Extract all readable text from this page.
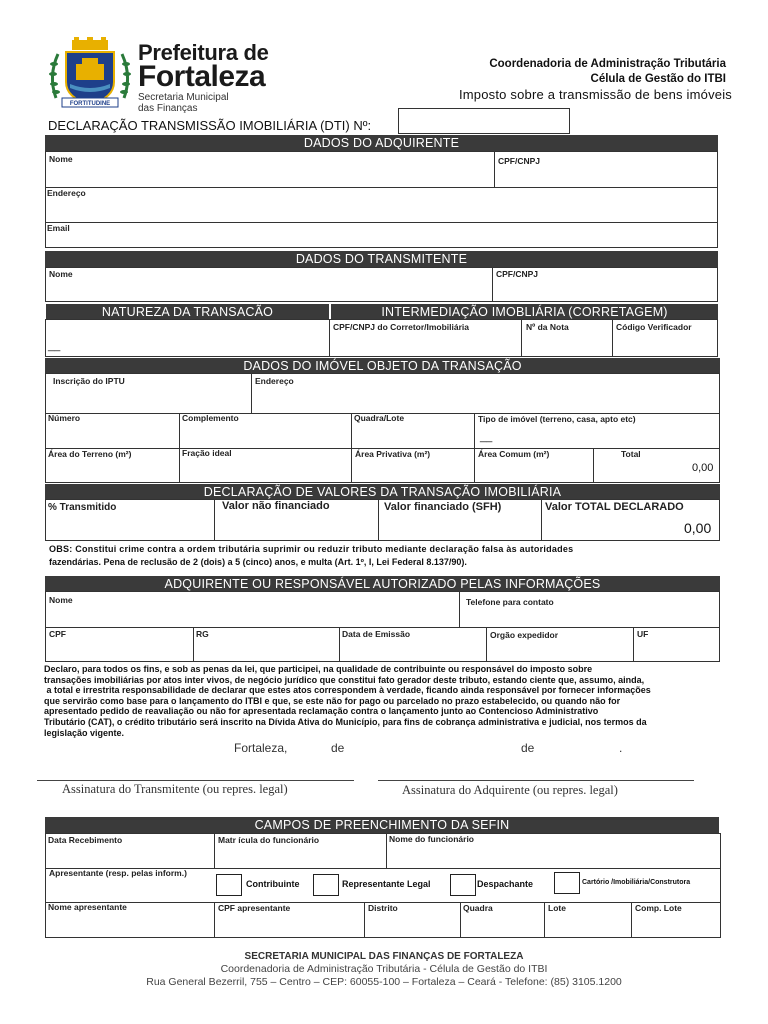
FORTITUDINE
Prefeitura de
Fortaleza
Secretaria Municipal
das Finanças
Coordenadoria de Administração Tributária
Célula de Gestão do ITBI
Imposto sobre a transmissão de bens imóveis
DECLARAÇÃO TRANSMISSÃO IMOBILIÁRIA (DTI) Nº:
DADOS DO ADQUIRENTE
Nome	CPF/CNPJ
Endereço
Email
DADOS DO TRANSMITENTE
Nome	CPF/CNPJ
NATUREZA DA TRANSACÃO	INTERMEDIAÇÃO IMOBLIÁRIA (CORRETAGEM)
__
CPF/CNPJ do Corretor/Imobiliária	Nº da Nota	Código Verificador
DADOS DO IMÓVEL OBJETO DA TRANSAÇÃO
Inscrição do IPTU	Endereço
Número	Complemento	Quadra/Lote	Tipo de imóvel (terreno, casa, apto etc)
__
Área do Terreno (m²)	Fração ideal	Área Privativa (m²)	Área Comum (m²)	Total
0,00
DECLARAÇÃO DE VALORES DA TRANSAÇÃO IMOBILIÁRIA
% Transmitido	Valor não financiado	Valor financiado (SFH)	Valor TOTAL DECLARADO
0,00
OBS: Constitui crime contra a ordem tributária suprimir ou reduzir tributo mediante declaração falsa às autoridades
fazendárias. Pena de reclusão de 2 (dois) a 5 (cinco) anos, e multa (Art. 1º, I, Lei Federal 8.137/90).
ADQUIRENTE OU RESPONSÁVEL AUTORIZADO PELAS INFORMAÇÕES
Nome	Telefone para contato
CPF	RG	Data de Emissão	Orgão expedidor	UF
Declaro, para todos os fins, e sob as penas da lei, que participei, na qualidade de contribuinte ou responsável do imposto sobre
transações imobiliárias por atos inter vivos, de negócio jurídico que constitui fato gerador deste tributo, estando ciente que, assumo, ainda,
a total e irrestrita responsabilidade de declarar que estes atos correspondem à verdade, ficando ainda responsável por fornecer informações
que servirão como base para o lançamento do ITBI e que, se este não for pago ou parcelado no prazo estabelecido, ou quando não for
apresentado pedido de reavaliação ou não for apresentada reclamação contra o lançamento junto ao Contencioso Administrativo
Tributário (CAT), o crédito tributário será inscrito na Dívida Ativa do Município, para fins de cobrança administrativa e judicial, nos termos da
legislação vigente.
Fortaleza,	de	de	.
Assinatura do Transmitente (ou repres. legal)	Assinatura do Adquirente (ou repres. legal)
CAMPOS DE PREENCHIMENTO DA SEFIN
Data Recebimento	Matr ícula do funcionário	Nome do funcionário
Apresentante (resp. pelas inform.)
Contribuinte	Representante Legal	Despachante	Cartório /Imobiliária/Construtora
Nome apresentante	CPF apresentante	Distrito	Quadra	Lote	Comp. Lote
SECRETARIA MUNICIPAL DAS FINANÇAS DE FORTALEZA
Coordenadoria de Administração Tributária - Célula de Gestão do ITBI
Rua General Bezerril, 755 – Centro – CEP: 60055-100 – Fortaleza – Ceará - Telefone: (85) 3105.1200
